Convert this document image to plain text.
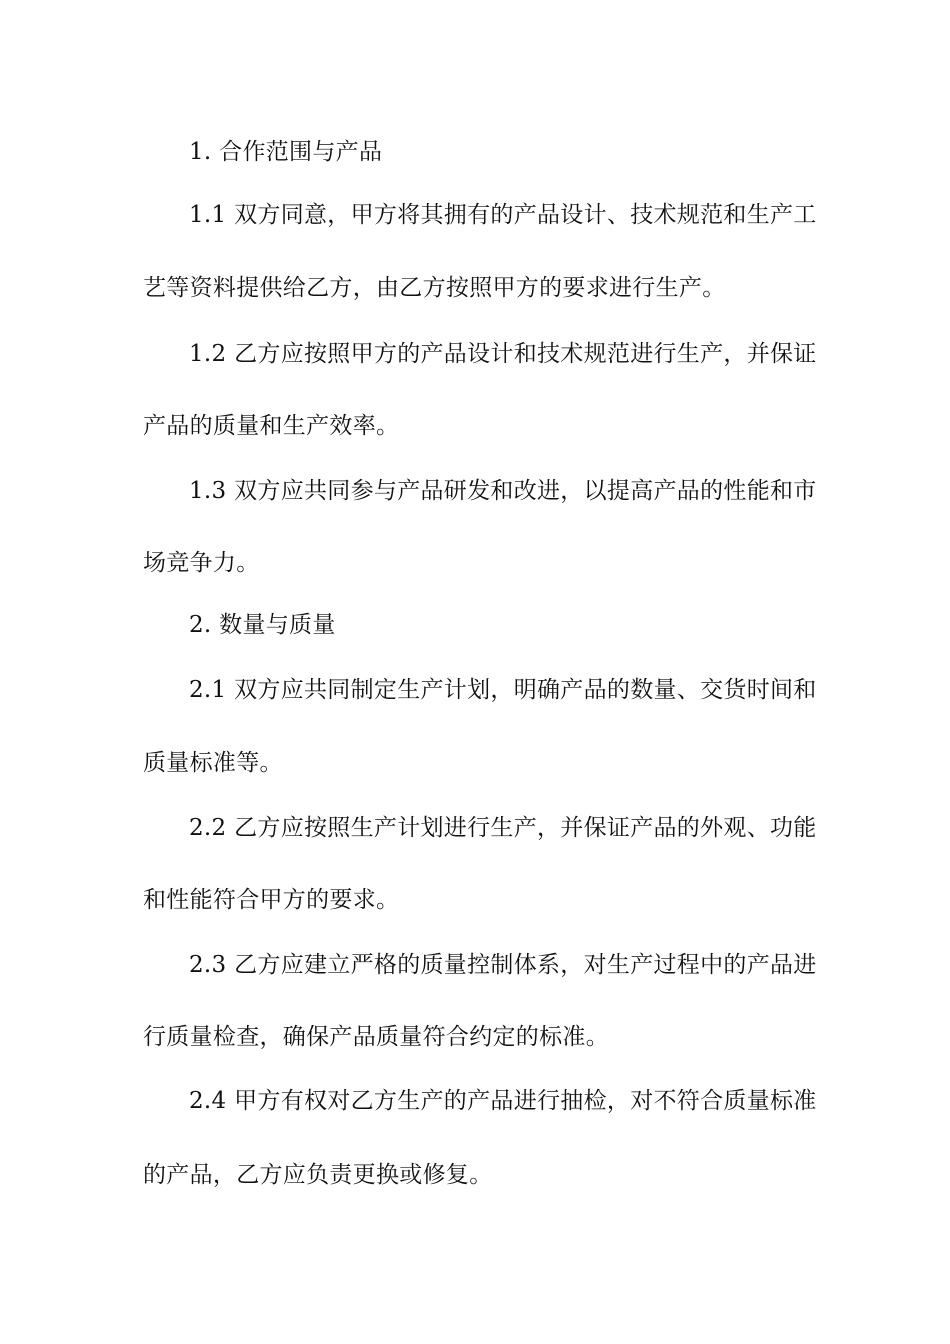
1. 合作范围与产品
1.1 双方同意，甲方将其拥有的产品设计、技术规范和生产工
艺等资料提供给乙方，由乙方按照甲方的要求进行生产。
1.2 乙方应按照甲方的产品设计和技术规范进行生产，并保证
产品的质量和生产效率。
1.3 双方应共同参与产品研发和改进，以提高产品的性能和市
场竞争力。
2. 数量与质量
2.1 双方应共同制定生产计划，明确产品的数量、交货时间和
质量标准等。
2.2 乙方应按照生产计划进行生产，并保证产品的外观、功能
和性能符合甲方的要求。
2.3 乙方应建立严格的质量控制体系，对生产过程中的产品进
行质量检查，确保产品质量符合约定的标准。
2.4 甲方有权对乙方生产的产品进行抽检，对不符合质量标准
的产品，乙方应负责更换或修复。
